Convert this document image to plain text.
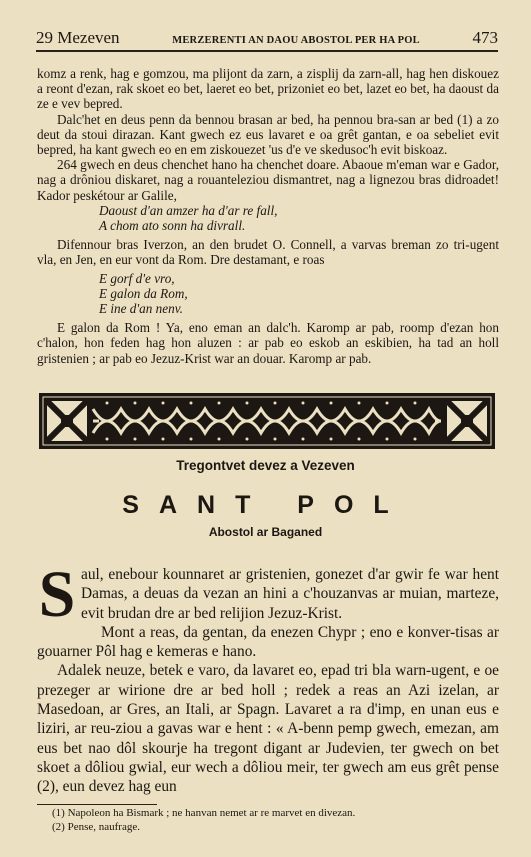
29 Mezeven	MERZERENTI AN DAOU ABOSTOL PER HA POL	473

komz a renk, hag e gomzou, ma plijont da zarn, a zisplij da zarn-all, hag hen diskouez a reont d'ezan, rak skoet eo bet, laeret eo bet, prizoniet eo bet, lazet eo bet, ha daoust da ze e vev bepred.

Dalc'het en deus penn da bennou brasan ar bed, ha pennou bra-san ar bed (1) a zo deut da stoui dirazan. Kant gwech ez eus lavaret e oa grêt gantan, e oa sebeliet evit bepred, ha kant gwech eo en em ziskouezet 'us d'e ve skedusoc'h evit biskoaz.

264 gwech en deus chenchet hano ha chenchet doare. Abaoue m'eman war e Gador, nag a drôniou diskaret, nag a rouanteleziou dismantret, nag a lignezou bras didroadet! Kador peskétour ar Galile,

Daoust d'an amzer ha d'ar re fall,
A chom ato sonn ha divrall.

Difennour bras Iverzon, an den brudet O. Connell, a varvas breman zo tri-ugent vla, en Jen, en eur vont da Rom. Dre destamant, e roas

E gorf d'e vro,
E galon da Rom,
E ine d'an nenv.

E galon da Rom ! Ya, eno eman an dalc'h. Karomp ar pab, roomp d'ezan hon c'halon, hon feden hag hon aluzen : ar pab eo eskob an eskibien, ha tad an holl gristenien ; ar pab eo Jezuz-Krist war an douar. Karomp ar pab.

Tregontvet devez a Vezeven
SANT POL
Abostol ar Baganed

Saul, enebour kounnaret ar gristenien, gonezet d'ar gwir fe war hent Damas, a deuas da vezan an hini a c'houzanvas ar muian, marteze, evit brudan dre ar bed relijion Jezuz-Krist.

Mont a reas, da gentan, da enezen Chypr ; eno e konver-tisas ar gouarner Pôl hag e kemeras e hano.

Adalek neuze, betek e varo, da lavaret eo, epad tri bla warn-ugent, e oe prezeger ar wirione dre ar bed holl ; redek a reas an Azi izelan, ar Masedoan, ar Gres, an Itali, ar Spagn. Lavaret a ra d'imp, en unan eus e liziri, ar reu-ziou a gavas war e hent : « A-benn pemp gwech, emezan, am eus bet nao dôl skourje ha tregont digant ar Judevien, ter gwech on bet skoet a dôliou gwial, eur wech a dôliou meir, ter gwech am eus grêt pense (2), eun devez hag eun

(1) Napoleon ha Bismark ; ne hanvan nemet ar re marvet en divezan.
(2) Pense, naufrage.
